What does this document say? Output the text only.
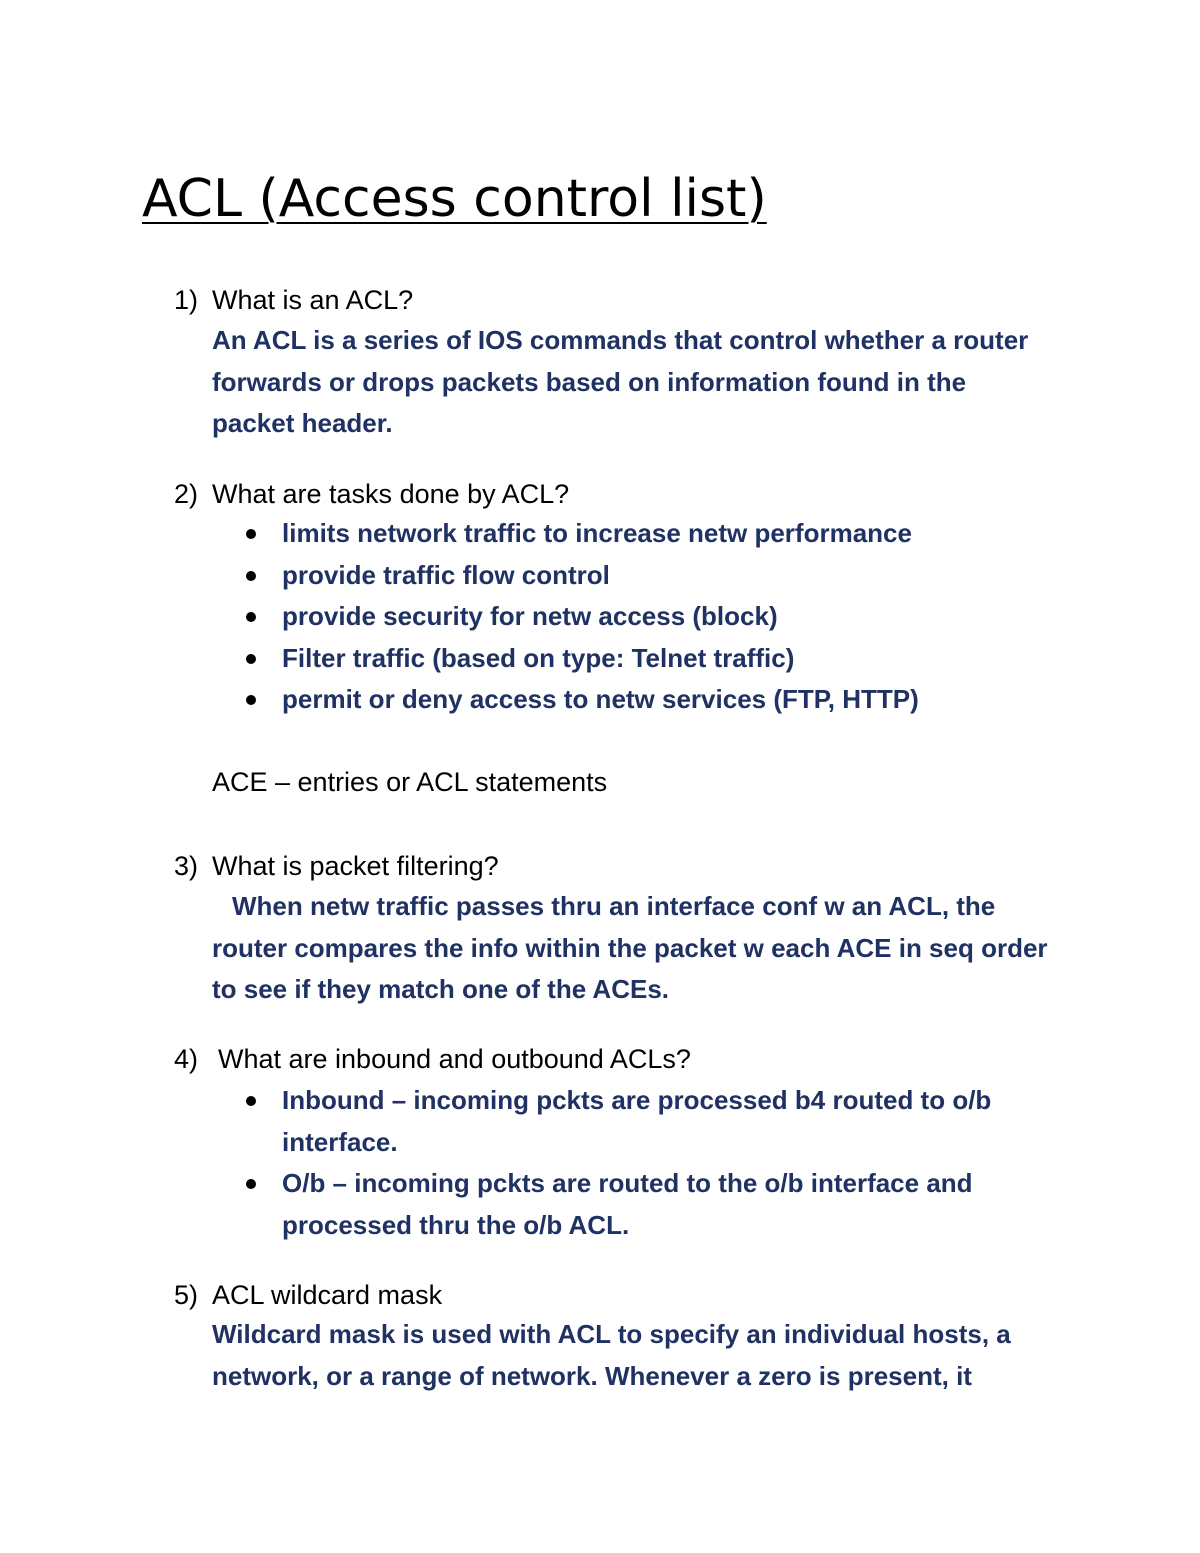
ACL (Access control list)
1) What is an ACL?

An ACL is a series of IOS commands that control whether a router forwards or drops packets based on information found in the packet header.

2) What are tasks done by ACL?
limits network traffic to increase netw performance
provide traffic flow control
provide security for netw access (block)
Filter traffic (based on type: Telnet traffic)
permit or deny access to netw services (FTP, HTTP)
ACE – entries or ACL statements
3) What is packet filtering?

When netw traffic passes thru an interface conf w an ACL, the router compares the info within the packet w each ACE in seq order to see if they match one of the ACEs.

4) What are inbound and outbound ACLs?
Inbound – incoming pckts are processed b4 routed to o/b interface.
O/b – incoming pckts are routed to the o/b interface and processed thru the o/b ACL.
5) ACL wildcard mask

Wildcard mask is used with ACL to specify an individual hosts, a network, or a range of network. Whenever a zero is present, it
